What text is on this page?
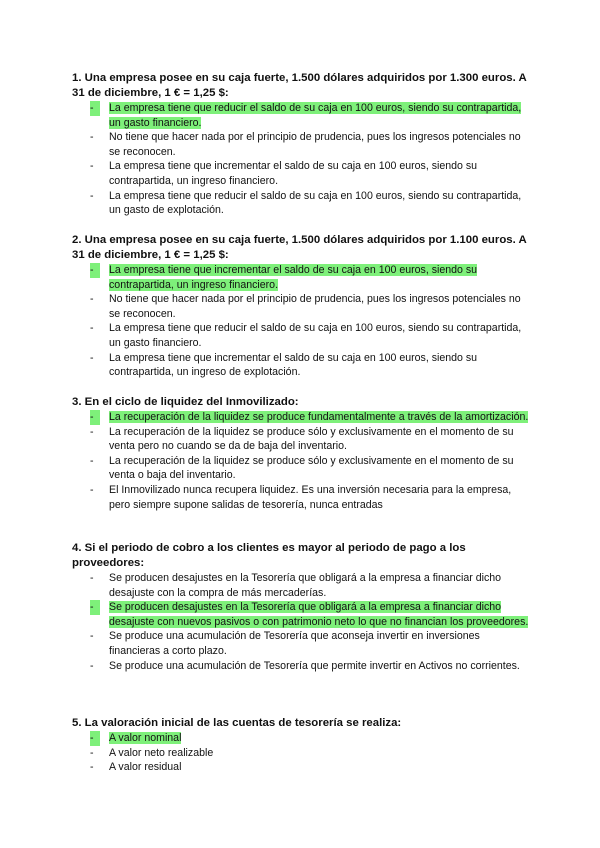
1. Una empresa posee en su caja fuerte, 1.500 dólares adquiridos por 1.300 euros. A 31 de diciembre, 1 € = 1,25 $:
-	La empresa tiene que reducir el saldo de su caja en 100 euros, siendo su contrapartida, un gasto financiero.
-	No tiene que hacer nada por el principio de prudencia, pues los ingresos potenciales no se reconocen.
-	La empresa tiene que incrementar el saldo de su caja en 100 euros, siendo su contrapartida, un ingreso financiero.
-	La empresa tiene que reducir el saldo de su caja en 100 euros, siendo su contrapartida, un gasto de explotación.
2. Una empresa posee en su caja fuerte, 1.500 dólares adquiridos por 1.100 euros. A 31 de diciembre, 1 € = 1,25 $:
-	La empresa tiene que incrementar el saldo de su caja en 100 euros, siendo su contrapartida, un ingreso financiero.
-	No tiene que hacer nada por el principio de prudencia, pues los ingresos potenciales no se reconocen.
-	La empresa tiene que reducir el saldo de su caja en 100 euros, siendo su contrapartida, un gasto financiero.
-	La empresa tiene que incrementar el saldo de su caja en 100 euros, siendo su contrapartida, un ingreso de explotación.
3. En el ciclo de liquidez del Inmovilizado:
-	La recuperación de la liquidez se produce fundamentalmente a través de la amortización.
-	La recuperación de la liquidez se produce sólo y exclusivamente en el momento de su venta pero no cuando se da de baja del inventario.
-	La recuperación de la liquidez se produce sólo y exclusivamente en el momento de su venta o baja del inventario.
-	El Inmovilizado nunca recupera liquidez. Es una inversión necesaria para la empresa, pero siempre supone salidas de tesorería, nunca entradas
4. Si el periodo de cobro a los clientes es mayor al periodo de pago a los proveedores:
-	Se producen desajustes en la Tesorería que obligará a la empresa a financiar dicho desajuste con la compra de más mercaderías.
-	Se producen desajustes en la Tesorería que obligará a la empresa a financiar dicho desajuste con nuevos pasivos o con patrimonio neto lo que no financian los proveedores.
-	Se produce una acumulación de Tesorería que aconseja invertir en inversiones financieras a corto plazo.
-	Se produce una acumulación de Tesorería que permite invertir en Activos no corrientes.
5. La valoración inicial de las cuentas de tesorería se realiza:
-	A valor nominal
-	A valor neto realizable
-	A valor residual
